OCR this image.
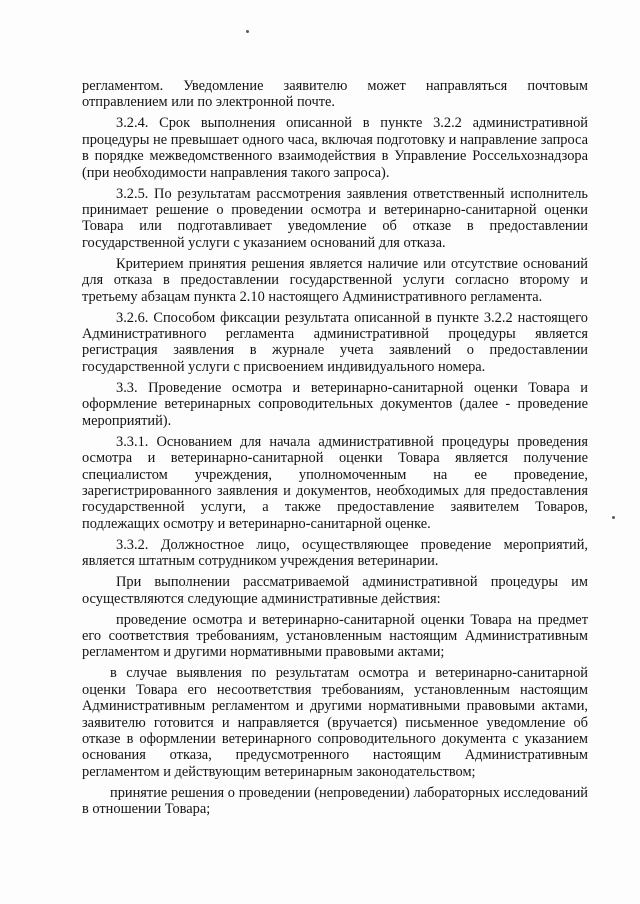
регламентом. Уведомление заявителю может направляться почтовым отправлением или по электронной почте.

3.2.4. Срок выполнения описанной в пункте 3.2.2 административной процедуры не превышает одного часа, включая подготовку и направление запроса в порядке межведомственного взаимодействия в Управление Россельхознадзора (при необходимости направления такого запроса).

3.2.5. По результатам рассмотрения заявления ответственный исполнитель принимает решение о проведении осмотра и ветеринарно-санитарной оценки Товара или подготавливает уведомление об отказе в предоставлении государственной услуги с указанием оснований для отказа.

Критерием принятия решения является наличие или отсутствие оснований для отказа в предоставлении государственной услуги согласно второму и третьему абзацам пункта 2.10 настоящего Административного регламента.

3.2.6. Способом фиксации результата описанной в пункте 3.2.2 настоящего Административного регламента административной процедуры является регистрация заявления в журнале учета заявлений о предоставлении государственной услуги с присвоением индивидуального номера.

3.3. Проведение осмотра и ветеринарно-санитарной оценки Товара и оформление ветеринарных сопроводительных документов (далее - проведение мероприятий).

3.3.1. Основанием для начала административной процедуры проведения осмотра и ветеринарно-санитарной оценки Товара является получение специалистом учреждения, уполномоченным на ее проведение, зарегистрированного заявления и документов, необходимых для предоставления государственной услуги, а также предоставление заявителем Товаров, подлежащих осмотру и ветеринарно-санитарной оценке.

3.3.2. Должностное лицо, осуществляющее проведение мероприятий, является штатным сотрудником учреждения ветеринарии.

При выполнении рассматриваемой административной процедуры им осуществляются следующие административные действия:

проведение осмотра и ветеринарно-санитарной оценки Товара на предмет его соответствия требованиям, установленным настоящим Административным регламентом и другими нормативными правовыми актами;

в случае выявления по результатам осмотра и ветеринарно-санитарной оценки Товара его несоответствия требованиям, установленным настоящим Административным регламентом и другими нормативными правовыми актами, заявителю готовится и направляется (вручается) письменное уведомление об отказе в оформлении ветеринарного сопроводительного документа с указанием основания отказа, предусмотренного настоящим Административным регламентом и действующим ветеринарным законодательством;

принятие решения о проведении (непроведении) лабораторных исследований в отношении Товара;
